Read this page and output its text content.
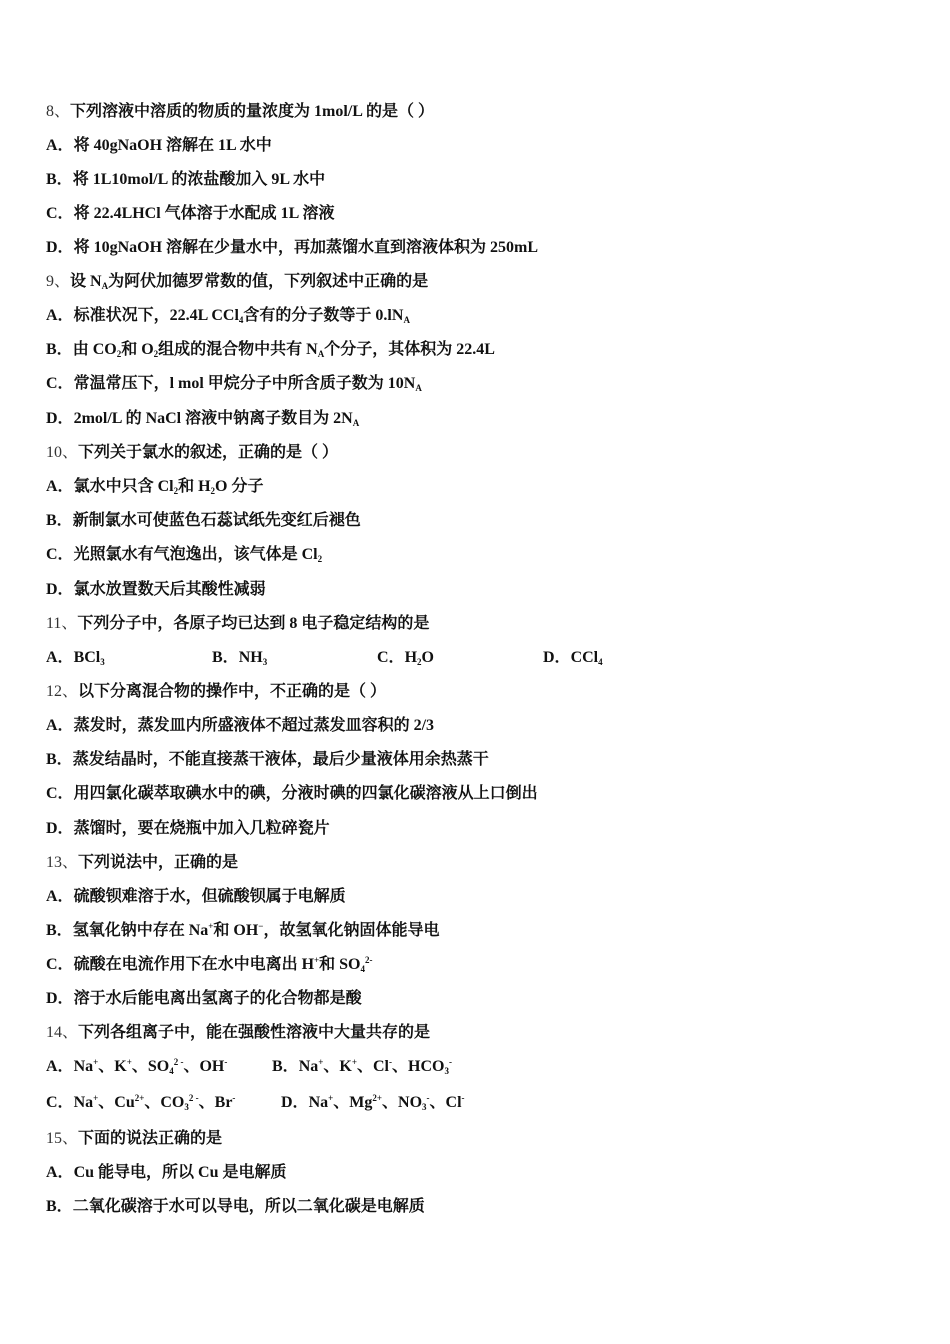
8、下列溶液中溶质的物质的量浓度为 1mol/L 的是（ ）
A．将 40gNaOH 溶解在 1L 水中
B．将 1L10mol/L 的浓盐酸加入 9L 水中
C．将 22.4LHCl 气体溶于水配成 1L 溶液
D．将 10gNaOH 溶解在少量水中，再加蒸馏水直到溶液体积为 250mL
9、设 $N_A$为阿伏加德罗常数的值，下列叙述中正确的是
A．标准状况下，22.4L CCl$_4$含有的分子数等于 $0.lN_A$
B．由 $CO_2$和 $O_2$组成的混合物中共有 $N_A$个分子，其体积为 22.4L
C．常温常压下，l mol 甲烷分子中所含质子数为 $10N_A$
D．2mol/L 的 NaCl 溶液中钠离子数目为 $2N_A$
10、下列关于氯水的叙述，正确的是（ ）
A．氯水中只含 $Cl_2$和 $H_2O$ 分子
B．新制氯水可使蓝色石蕊试纸先变红后褪色
C．光照氯水有气泡逸出，该气体是 $Cl_2$
D．氯水放置数天后其酸性减弱
11、下列分子中，各原子均已达到 8 电子稳定结构的是
A．BCl$_3$	B．$NH_3$	C．$H_2O$	D．CCl$_4$
12、以下分离混合物的操作中，不正确的是（ ）
A．蒸发时，蒸发皿内所盛液体不超过蒸发皿容积的 2/3
B．蒸发结晶时，不能直接蒸干液体，最后少量液体用余热蒸干
C．用四氯化碳萃取碘水中的碘，分液时碘的四氯化碳溶液从上口倒出
D．蒸馏时，要在烧瓶中加入几粒碎瓷片
13、下列说法中，正确的是
A．硫酸钡难溶于水，但硫酸钡属于电解质
B．氢氧化钠中存在 Na+和 OH−，故氢氧化钠固体能导电
C．硫酸在电流作用下在水中电离出 H+和 $SO_4^{2-}$
D．溶于水后能电离出氢离子的化合物都是酸
14、下列各组离子中，能在强酸性溶液中大量共存的是
A．Na+、K+、$SO_4^{2 -}$、OH-	B．Na+、K+、Cl-、$HCO_3^-$
C．Na+、$Cu^{2+}$、$CO_3^{2 -}$、Br-	D．Na+、$Mg^{2+}$、$NO_3^-$、Cl-
15、下面的说法正确的是
A．Cu 能导电，所以 Cu 是电解质
B．二氧化碳溶于水可以导电，所以二氧化碳是电解质
